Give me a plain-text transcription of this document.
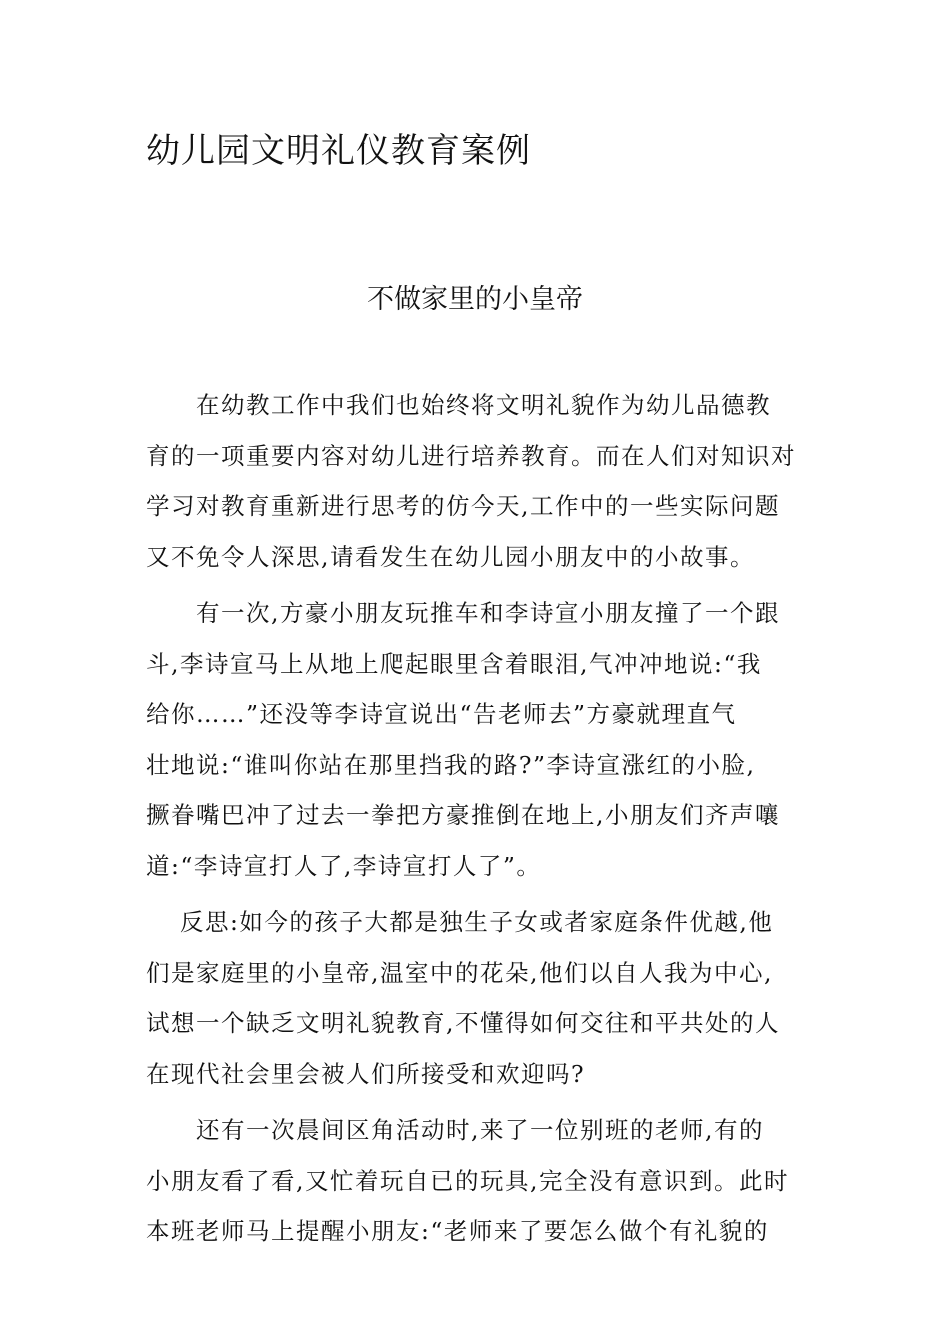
幼儿园文明礼仪教育案例
不做家里的小皇帝

在幼教工作中我们也始终将文明礼貌作为幼儿品德教
育的一项重要内容对幼儿进行培养教育。而在人们对知识对
学习对教育重新进行思考的仿今天,工作中的一些实际问题
又不免令人深思,请看发生在幼儿园小朋友中的小故事。

有一次,方豪小朋友玩推车和李诗宣小朋友撞了一个跟
斗,李诗宣马上从地上爬起眼里含着眼泪,气冲冲地说:“我
给你……”还没等李诗宣说出“告老师去”方豪就理直气
壮地说:“谁叫你站在那里挡我的路?”李诗宣涨红的小脸,
撅眷嘴巴冲了过去一拳把方豪推倒在地上,小朋友们齐声嚷
道:“李诗宣打人了,李诗宣打人了”。

反思:如今的孩子大都是独生子女或者家庭条件优越,他
们是家庭里的小皇帝,温室中的花朵,他们以自人我为中心,
试想一个缺乏文明礼貌教育,不懂得如何交往和平共处的人
在现代社会里会被人们所接受和欢迎吗?

还有一次晨间区角活动时,来了一位别班的老师,有的
小朋友看了看,又忙着玩自已的玩具,完全没有意识到。此时
本班老师马上提醒小朋友:“老师来了要怎么做个有礼貌的
